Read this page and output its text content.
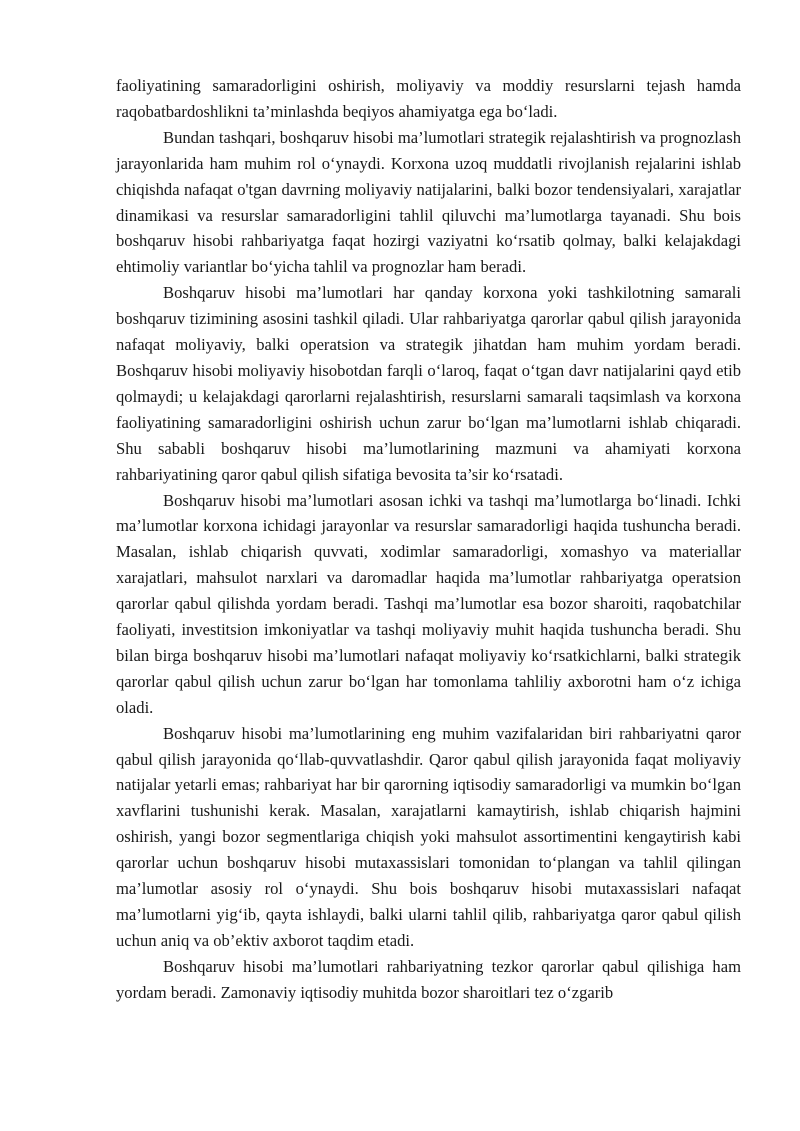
faoliyatining samaradorligini oshirish, moliyaviy va moddiy resurslarni tejash hamda raqobatbardoshlikni ta’minlashda beqiyos ahamiyatga ega bo‘ladi.

Bundan tashqari, boshqaruv hisobi ma’lumotlari strategik rejalashtirish va prognozlash jarayonlarida ham muhim rol o‘ynaydi. Korxona uzoq muddatli rivojlanish rejalarini ishlab chiqishda nafaqat o'tgan davrning moliyaviy natijalarini, balki bozor tendensiyalari, xarajatlar dinamikasi va resurslar samaradorligini tahlil qiluvchi ma’lumotlarga tayanadi. Shu bois boshqaruv hisobi rahbariyatga faqat hozirgi vaziyatni ko‘rsatib qolmay, balki kelajakdagi ehtimoliy variantlar bo‘yicha tahlil va prognozlar ham beradi.

Boshqaruv hisobi ma’lumotlari har qanday korxona yoki tashkilotning samarali boshqaruv tizimining asosini tashkil qiladi. Ular rahbariyatga qarorlar qabul qilish jarayonida nafaqat moliyaviy, balki operatsion va strategik jihatdan ham muhim yordam beradi. Boshqaruv hisobi moliyaviy hisobotdan farqli o‘laroq, faqat o‘tgan davr natijalarini qayd etib qolmaydi; u kelajakdagi qarorlarni rejalashtirish, resurslarni samarali taqsimlash va korxona faoliyatining samaradorligini oshirish uchun zarur bo‘lgan ma’lumotlarni ishlab chiqaradi. Shu sababli boshqaruv hisobi ma’lumotlarining mazmuni va ahamiyati korxona rahbariyatining qaror qabul qilish sifatiga bevosita ta’sir ko‘rsatadi.

Boshqaruv hisobi ma’lumotlari asosan ichki va tashqi ma’lumotlarga bo‘linadi. Ichki ma’lumotlar korxona ichidagi jarayonlar va resurslar samaradorligi haqida tushuncha beradi. Masalan, ishlab chiqarish quvvati, xodimlar samaradorligi, xomashyo va materiallar xarajatlari, mahsulot narxlari va daromadlar haqida ma’lumotlar rahbariyatga operatsion qarorlar qabul qilishda yordam beradi. Tashqi ma’lumotlar esa bozor sharoiti, raqobatchilar faoliyati, investitsion imkoniyatlar va tashqi moliyaviy muhit haqida tushuncha beradi. Shu bilan birga boshqaruv hisobi ma’lumotlari nafaqat moliyaviy ko‘rsatkichlarni, balki strategik qarorlar qabul qilish uchun zarur bo‘lgan har tomonlama tahliliy axborotni ham o‘z ichiga oladi.

Boshqaruv hisobi ma’lumotlarining eng muhim vazifalaridan biri rahbariyatni qaror qabul qilish jarayonida qo‘llab-quvvatlashdir. Qaror qabul qilish jarayonida faqat moliyaviy natijalar yetarli emas; rahbariyat har bir qarorning iqtisodiy samaradorligi va mumkin bo‘lgan xavflarini tushunishi kerak. Masalan, xarajatlarni kamaytirish, ishlab chiqarish hajmini oshirish, yangi bozor segmentlariga chiqish yoki mahsulot assortimentini kengaytirish kabi qarorlar uchun boshqaruv hisobi mutaxassislari tomonidan to‘plangan va tahlil qilingan ma’lumotlar asosiy rol o‘ynaydi. Shu bois boshqaruv hisobi mutaxassislari nafaqat ma’lumotlarni yig‘ib, qayta ishlaydi, balki ularni tahlil qilib, rahbariyatga qaror qabul qilish uchun aniq va ob’ektiv axborot taqdim etadi.

Boshqaruv hisobi ma’lumotlari rahbariyatning tezkor qarorlar qabul qilishiga ham yordam beradi. Zamonaviy iqtisodiy muhitda bozor sharoitlari tez o‘zgarib
